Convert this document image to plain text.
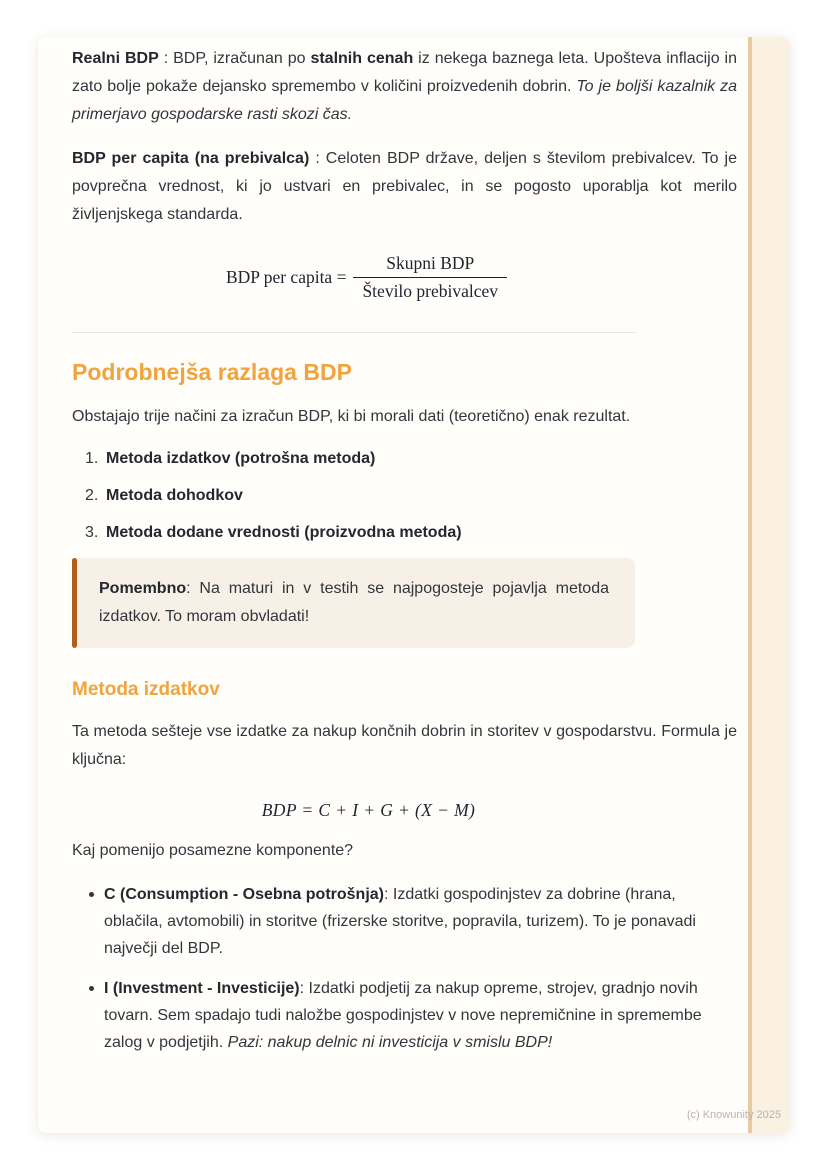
Realni BDP : BDP, izračunan po stalnih cenah iz nekega baznega leta. Upošteva inflacijo in zato bolje pokaže dejansko spremembo v količini proizvedenih dobrin. To je boljši kazalnik za primerjavo gospodarske rasti skozi čas.

BDP per capita (na prebivalca) : Celoten BDP države, deljen s številom prebivalcev. To je povprečna vrednost, ki jo ustvari en prebivalec, in se pogosto uporablja kot merilo življenjskega standarda.

BDP per capita = $\frac{\text{Skupni BDP}}{\text{Število prebivalcev}}$
Podrobnejša razlaga BDP

Obstajajo trije načini za izračun BDP, ki bi morali dati (teoretično) enak rezultat.

1. Metoda izdatkov (potrošna metoda)
2. Metoda dohodkov
3. Metoda dodane vrednosti (proizvodna metoda)
Pomembno: Na maturi in v testih se najpogosteje pojavlja metoda izdatkov. To moram obvladati!
Metoda izdatkov

Ta metoda sešteje vse izdatke za nakup končnih dobrin in storitev v gospodarstvu. Formula je ključna:

BDP = C + I + G + (X − M)

Kaj pomenijo posamezne komponente?

C (Consumption - Osebna potrošnja): Izdatki gospodinjstev za dobrine (hrana, oblačila, avtomobili) in storitve (frizerske storitve, popravila, turizem). To je ponavadi največji del BDP.
I (Investment - Investicije): Izdatki podjetij za nakup opreme, strojev, gradnjo novih tovarn. Sem spadajo tudi naložbe gospodinjstev v nove nepremičnine in spremembe zalog v podjetjih. Pazi: nakup delnic ni investicija v smislu BDP!
(c) Knowunity 2025
